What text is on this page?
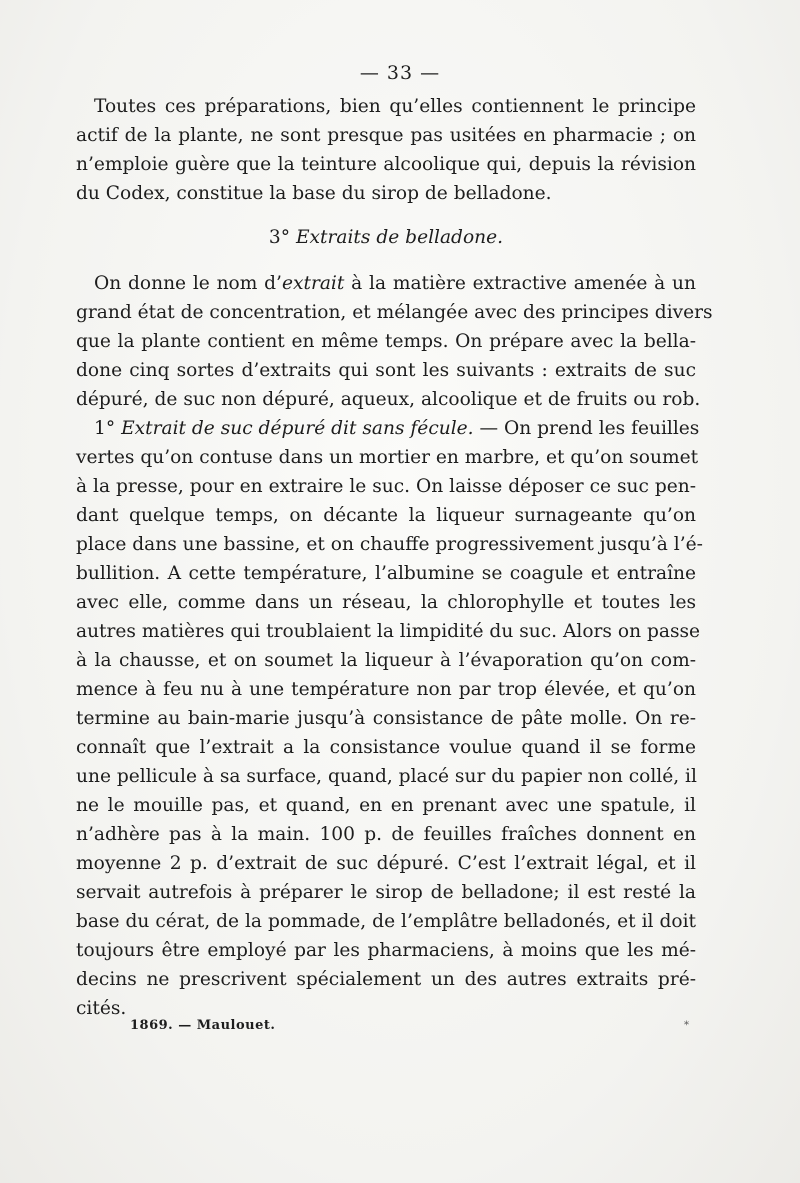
— 33 —
Toutes ces préparations, bien qu’elles contiennent le principe
actif de la plante, ne sont presque pas usitées en pharmacie ; on
n’emploie guère que la teinture alcoolique qui, depuis la révision
du Codex, constitue la base du sirop de belladone.
3° Extraits de belladone.
On donne le nom d’extrait à la matière extractive amenée à un
grand état de concentration, et mélangée avec des principes divers
que la plante contient en même temps. On prépare avec la bella-
done cinq sortes d’extraits qui sont les suivants : extraits de suc
dépuré, de suc non dépuré, aqueux, alcoolique et de fruits ou rob.
1° Extrait de suc dépuré dit sans fécule. — On prend les feuilles
vertes qu’on contuse dans un mortier en marbre, et qu’on soumet
à la presse, pour en extraire le suc. On laisse déposer ce suc pen-
dant quelque temps, on décante la liqueur surnageante qu’on
place dans une bassine, et on chauffe progressivement jusqu’à l’é-
bullition. A cette température, l’albumine se coagule et entraîne
avec elle, comme dans un réseau, la chlorophylle et toutes les
autres matières qui troublaient la limpidité du suc. Alors on passe
à la chausse, et on soumet la liqueur à l’évaporation qu’on com-
mence à feu nu à une température non par trop élevée, et qu’on
termine au bain-marie jusqu’à consistance de pâte molle. On re-
connaît que l’extrait a la consistance voulue quand il se forme
une pellicule à sa surface, quand, placé sur du papier non collé, il
ne le mouille pas, et quand, en en prenant avec une spatule, il
n’adhère pas à la main. 100 p. de feuilles fraîches donnent en
moyenne 2 p. d’extrait de suc dépuré. C’est l’extrait légal, et il
servait autrefois à préparer le sirop de belladone; il est resté la
base du cérat, de la pommade, de l’emplâtre belladonés, et il doit
toujours être employé par les pharmaciens, à moins que les mé-
decins ne prescrivent spécialement un des autres extraits pré-
cités.
1869. — Maulouet.	*
